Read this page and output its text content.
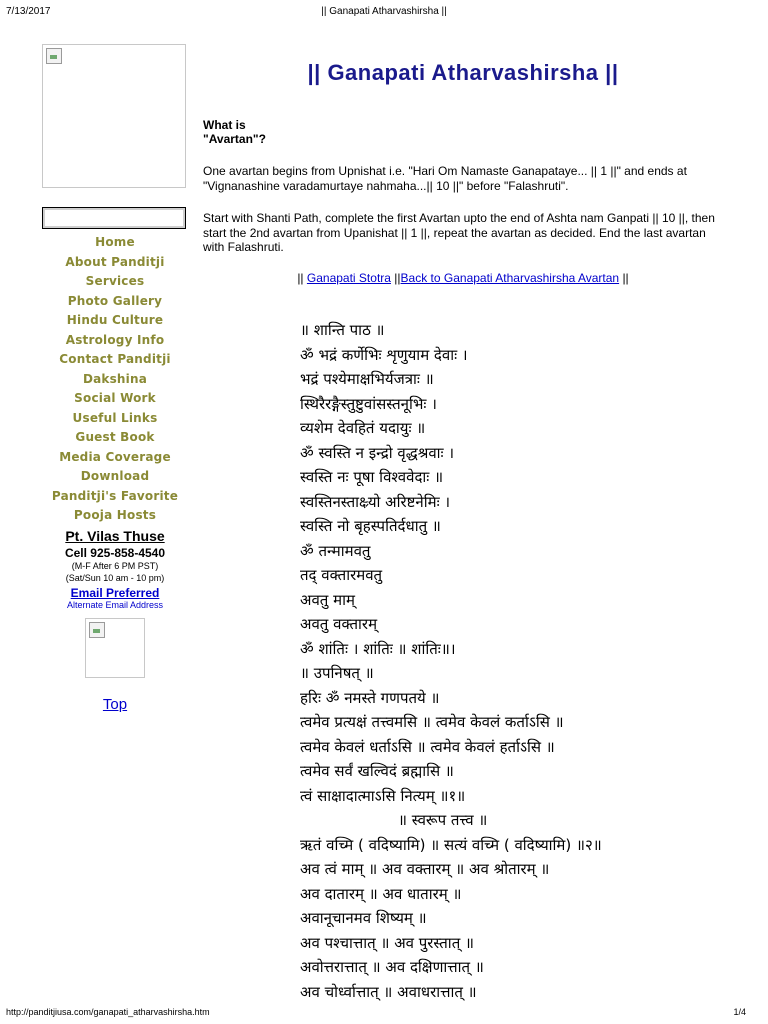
7/13/2017	|| Ganapati Atharvashirsha ||
Home
About Panditji
Services
Photo Gallery
Hindu Culture
Astrology Info
Contact Panditji
Dakshina
Social Work
Useful Links
Guest Book
Media Coverage
Download
Panditji's Favorite
Pooja Hosts
Pt. Vilas Thuse
Cell 925-858-4540
(M-F After 6 PM PST)
(Sat/Sun 10 am - 10 pm)
Email Preferred
Alternate Email Address
Top
|| Ganapati Atharvashirsha ||
What is
"Avartan"?
One avartan begins from Upnishat i.e. "Hari Om Namaste Ganapataye... || 1 ||" and ends at "Vignanashine varadamurtaye nahmaha...|| 10 ||" before "Falashruti".
Start with Shanti Path, complete the first Avartan upto the end of Ashta nam Ganpati || 10 ||, then start the 2nd avartan from Upanishat || 1 ||, repeat the avartan as decided. End the last avartan with Falashruti.
|| Ganapati Stotra ||Back to Ganapati Atharvashirsha Avartan ||
॥ शान्ति पाठ ॥
ॐ भद्रं कर्णेभिः शृणुयाम देवाः ।
भद्रं पश्येमाक्षभिर्यजत्राः ॥
स्थिरैरङ्गैस्तुष्टुवांसस्तनूभिः ।
व्यशेम देवहितं यदायुः ॥
ॐ स्वस्ति न इन्द्रो वृद्धश्रवाः ।
स्वस्ति नः पूषा विश्ववेदाः ॥
स्वस्तिनस्ताक्ष्र्यो अरिष्टनेमिः ।
स्वस्ति नो बृहस्पतिर्दधातु ॥
ॐ तन्मामवतु
तद् वक्तारमवतु
अवतु माम्
अवतु वक्तारम्
ॐ शांतिः । शांतिः ॥ शांतिः॥।
॥ उपनिषत् ॥
हरिः ॐ नमस्ते गणपतये ॥
त्वमेव प्रत्यक्षं तत्त्वमसि ॥ त्वमेव केवलं कर्ताऽसि ॥
त्वमेव केवलं धर्ताऽसि ॥ त्वमेव केवलं हर्ताऽसि ॥
त्वमेव सर्वं खल्विदं ब्रह्मासि ॥
त्वं साक्षादात्माऽसि नित्यम् ॥१॥
॥ स्वरूप तत्त्व ॥
ऋतं वच्मि ( वदिष्यामि) ॥ सत्यं वच्मि ( वदिष्यामि) ॥२॥
अव त्वं माम् ॥ अव वक्तारम् ॥ अव श्रोतारम् ॥
अव दातारम् ॥ अव धातारम् ॥
अवानूचानमव शिष्यम् ॥
अव पश्चात्तात् ॥ अव पुरस्तात् ॥
अवोत्तरात्तात् ॥ अव दक्षिणात्तात् ॥
अव चोर्ध्वात्तात् ॥ अवाधरात्तात् ॥
http://panditjiusa.com/ganapati_atharvashirsha.htm	1/4
